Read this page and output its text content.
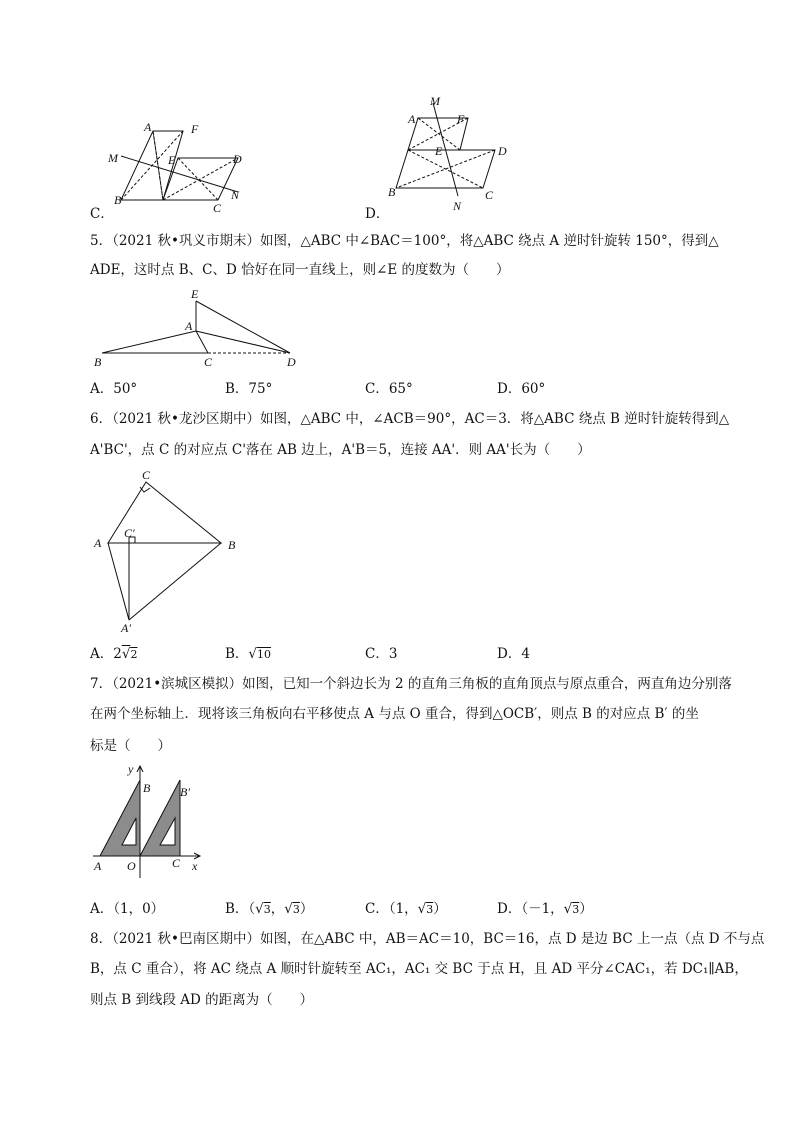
A	F
M	E	D
B
C
N
C．
M
A	F
E	D
B	C
N
D．
5．（2021 秋•巩义市期末）如图，△ABC 中∠BAC＝100°，将△ABC 绕点 A 逆时针旋转 150°，得到△
ADE，这时点 B、C、D 恰好在同一直线上，则∠E 的度数为（　　）
E
A
B	C	D
A．50°	B．75°	C．65°	D．60°
6．（2021 秋•龙沙区期中）如图，△ABC 中，∠ACB＝90°，AC＝3．将△ABC 绕点 B 逆时针旋转得到△
A'BC'，点 C 的对应点 C'落在 AB 边上，A'B＝5，连接 AA'．则 AA'长为（　　）
C
A
C′
B
A′
A．2√2	B．√10	C．3	D．4
7．（2021•滨城区模拟）如图，已知一个斜边长为 2 的直角三角板的直角顶点与原点重合，两直角边分别落
在两个坐标轴上．现将该三角板向右平移使点 A 与点 O 重合，得到△OCB′，则点 B 的对应点 B′ 的坐
标是（　　）
y
B B′
A O	C x
A．（1，0）	B．（√3，√3）	C．（1，√3）	D．（－1，√3）
8．（2021 秋•巴南区期中）如图，在△ABC 中，AB＝AC＝10，BC＝16，点 D 是边 BC 上一点（点 D 不与点
B，点 C 重合），将 AC 绕点 A 顺时针旋转至 AC₁，AC₁ 交 BC 于点 H，且 AD 平分∠CAC₁，若 DC₁∥AB，
则点 B 到线段 AD 的距离为（　　）
